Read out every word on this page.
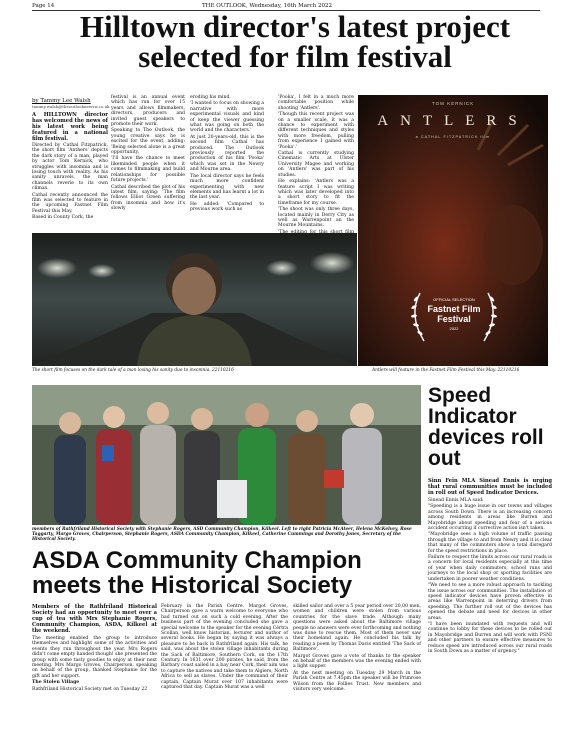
Page 14	THE OUTLOOK, Wednesday, 16th March 2022
Hilltown director's latest project selected for film festival
by Tammy Lee Walsh
tammy.walsh@theoutlooknewsw.co.uk

A HILLTOWN director has welcomed the news of his latest work being featured in a national film festival.

Directed by Cathal Fitzpatrick, the short film 'Anthers' depicts the dark story of a man, played by actor Tom Kernick, who struggles with insomnia and is losing touch with reality. As his sanity unravels, the man channels reverie to its own climax.

Cathal recently announced the film was selected to feature in the upcoming Fastnet Film Festival this May.

Based in County Cork, the

festival is an annual event which has run for over 15 years and allows filmmakers, directors, producers and invited guest speakers to promote their work.

Speaking to The Outlook, the young creative says he is excited for the event, adding: 'Being selected alone is a great opportunity.

'I'll have the chance to meet likeminded people when it comes to filmmaking and build relationships for possible future projects.'

Cathal described the plot of his latest film, saying: 'The film follows Elliot Green suffering from insomnia and how it's slowly

eroding his mind.

'I wanted to focus on showing a narrative with more experimental visuals and kind of keep the viewer guessing what was going on both the world and the characters.'

At just 20-years-old, this is the second film Cathal has produced. The Outlook previously reported the production of his film 'Pooka' which was set in the Newry and Mourne area.

The local director says he feels much more confident experimenting with new elements and has learnt a lot in the last year.

He added: 'Compared to previous work such as

'Pooka', I felt in a much more comfortable position while shooting 'Antlers'.

'Though this recent project was on a smaller scale, it was a chance to experiment with different techniques and styles with more freedom, pulling from experience I gained with 'Pooka'.'

Cathal is currently studying Cinematic Arts at Ulster University Magee and working on 'Antlers' was part of his studies.

He explains: 'Antlers was a feature script I was writing which was later developed into a short story to fit the timeframe for my course.

'The shoot was only three days, located mainly in Derry City as well as Warrenpoint an the Mourne Mountains.

The short film focuses on the dark tale of a man losing his sanity due to insomnia. 22110216
TOM KERNICK
ANTLERS
a CATHAL FITZPATRICK film
OFFICIAL SELECTION
Fastnet Film
Festival
2022
Antlers will feature in the Fastnet Film Festival this May. 22110216
members of Rathfriland Historical Society with Stephanie Rogers, ASD Community Champion, Kilkeel. Left to right Patricia McAteer, Helena McKelvey, Rose Taggarty, Margo Groves, Chairperson, Stephanie Rogers, ASDA Community Champion, Kilkeel, Catherine Cummings and Dorothy Jones, Secretary of the Historical Society.
ASDA Community Champion meets the Historical Society

Members of the Rathfriland Historical Society had an opportunity to meet over a cup of tea with Mrs Stephanie Rogers, Community Champion, ASDA, Kilkeel at the weekend.

The meeting enabled the group to introduce themselves and highlight some of the activities and events they run throughout the year. Mrs Rogers didn't come empty handed though! she presented the group with some tasty goodies to enjoy at their next meeting. Mrs Margo Groves, Chairperson, speaking on behalf of the group, thanked Stephanie for the gift and her support.

The Stolen Village

Rathfriland Historical Society met on Tuesday 22

February in the Parish Centre. Margot Groves, Chairperson gave a warm welcome to everyone who had turned out on such a cold evening. After the business part of the evening concluded she gave a special welcome to the speaker for the evening Cértra Scollan, well know historian, lecturer and author of several books. He began by saying it was always a pleasure to be back in Rathfriland again. His talk, he said, was about the stolen village inhabitants during the Sack of Baltimore, Southern Cork, on the 17th Century. In 1631 over 200 pirates, he said, from the Barbary coast sailed in a bay near Cork, their aim was to capture the natives and take them to Algiers, North Africa to sell as slaves. Under the command of their captain, Captain Murat over 107 inhabitants were captured that day. Captain Murat was a well

skilled sailor and over a 5 year period over 20,00 men, women and children were stolen from various countries for the slave trade. Although many questions were asked about the Baltimore village people no answers were ever forthcoming and nothing was done to rescue them. Most of them never saw their homeland again. He concluded his talk by reading a poem by Thomas Davis entitled 'The Sack of Baltimore'.

Margot Groves gave a vote of thanks to the speaker on behalf of the members was the evening ended with a light supper.

At the next meeting on Tuesday 29 March in the Parish Centre at 7.45pm the speaker will be Primrose Wilson from the Follies Trust. New members and visitors very welcome.

Speed Indicator devices roll out

Sinn Fein MLA Sinead Ennis is urging that rural communities must be included in roll out of Speed Indicator Devices.

Sinead Ennis MLA said:

"Speeding is a huge issue in our towns and villages across South Down. There is an increasing concern among residents in areas like Burren and Mayobridge about speeding and fear of a serious accident occurring if corrective action isn't taken.

"Mayobridge sees a high volume of traffic passing through the village to and from Newry and it is clear that many of the commuters show a total disregard for the speed restrictions in place.

Failure to respect the limits across our rural roads is a concern for local residents especially at this time of year when daily commuters, school runs and journeys to the local shop or sporting facilities are undertaken in poorer weather conditions.

"We need to see a more robust approach to tackling the issue across our communities. The installation of speed indicator devices have proven effective in areas like Warrenpoint in deterring drivers from speeding. The further roll out of the devices has opened the debate and need for devices in other areas.

"I have been inundated with requests and will continue to lobby for these devices to be rolled out in Mayobridge and Burren and will work with PSNI and other partners to ensure effective measures to reduce speed are introduced across our rural roads in South Down as a matter of urgency."
